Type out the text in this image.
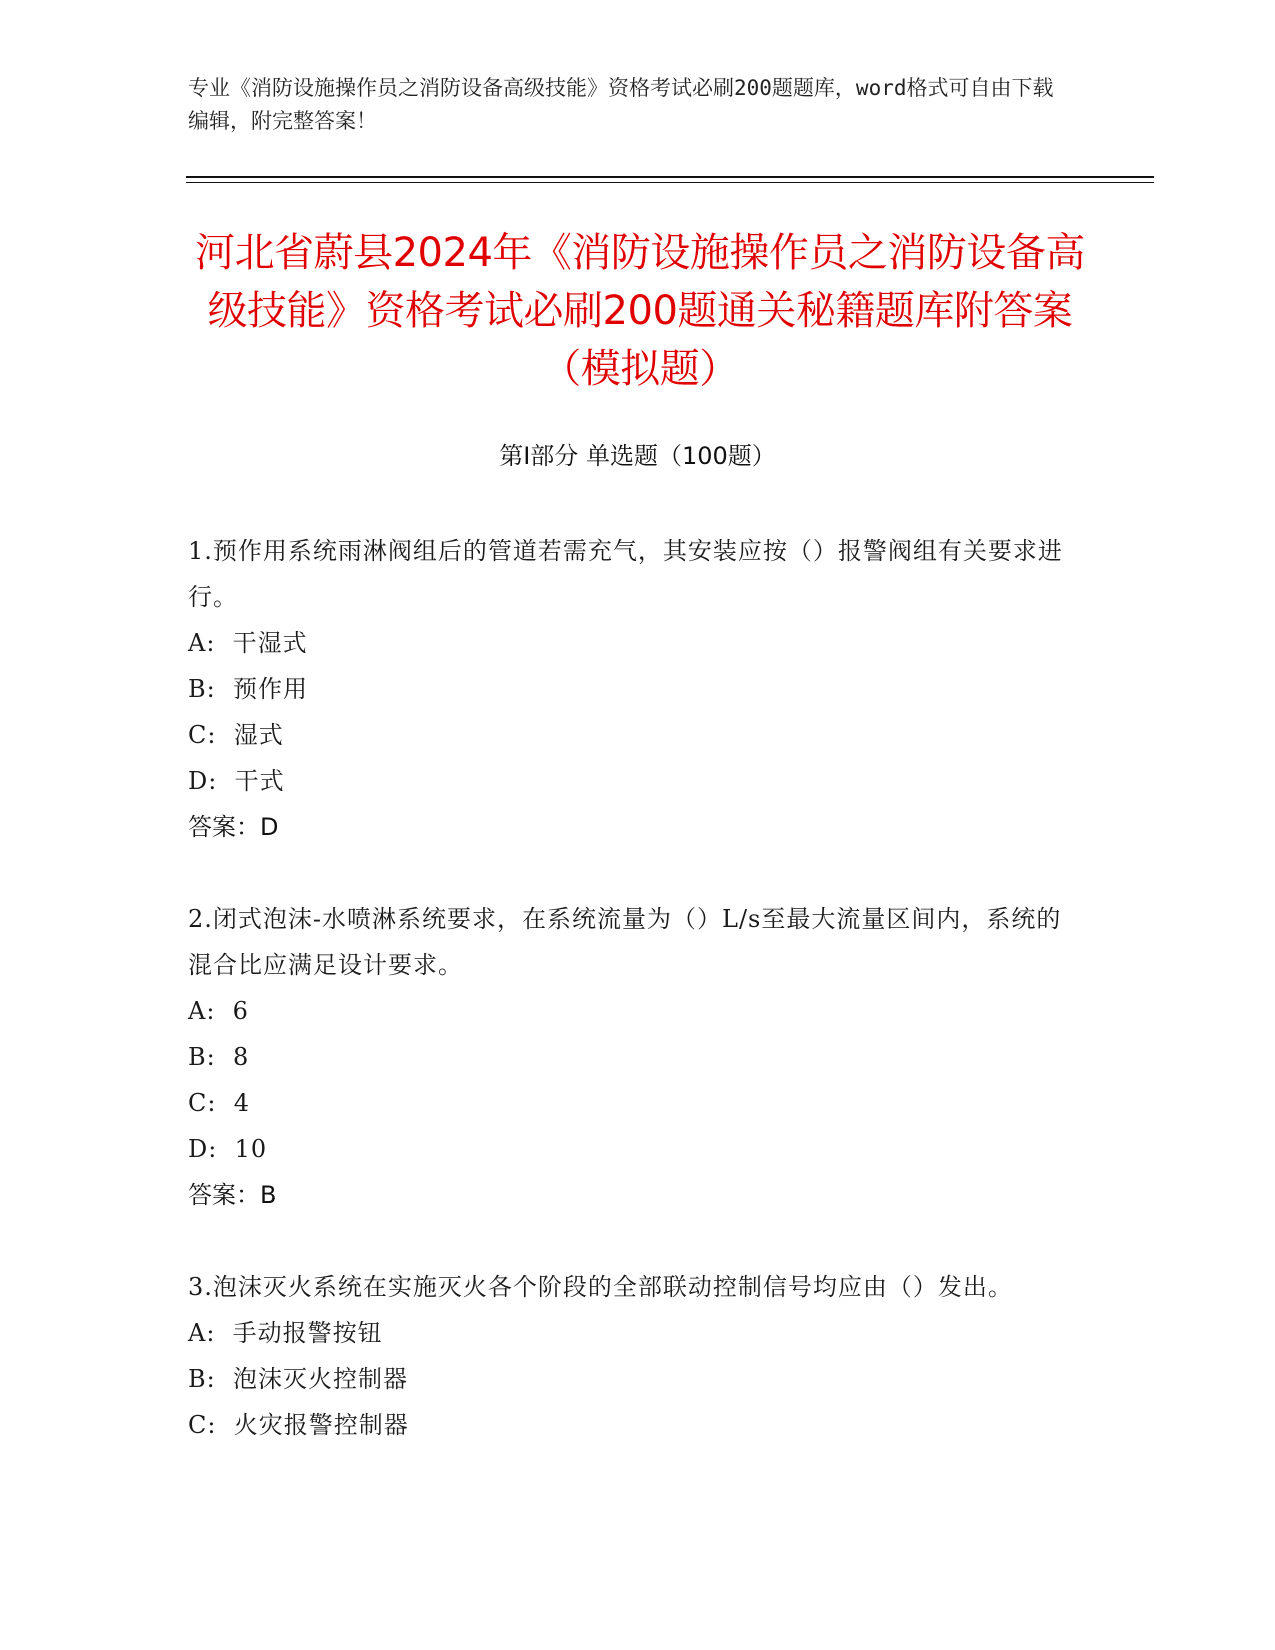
专业《消防设施操作员之消防设备高级技能》资格考试必刷200题题库，word格式可自由下载编辑，附完整答案！
河北省蔚县2024年《消防设施操作员之消防设备高级技能》资格考试必刷200题通关秘籍题库附答案（模拟题）
第I部分 单选题（100题）
1.预作用系统雨淋阀组后的管道若需充气，其安装应按（）报警阀组有关要求进行。
A:  干湿式
B:  预作用
C:  湿式
D:  干式
答案：D
2.闭式泡沫-水喷淋系统要求，在系统流量为（）L/s至最大流量区间内，系统的混合比应满足设计要求。
A:  6
B:  8
C:  4
D:  10
答案：B
3.泡沫灭火系统在实施灭火各个阶段的全部联动控制信号均应由（）发出。
A:  手动报警按钮
B:  泡沫灭火控制器
C:  火灾报警控制器
